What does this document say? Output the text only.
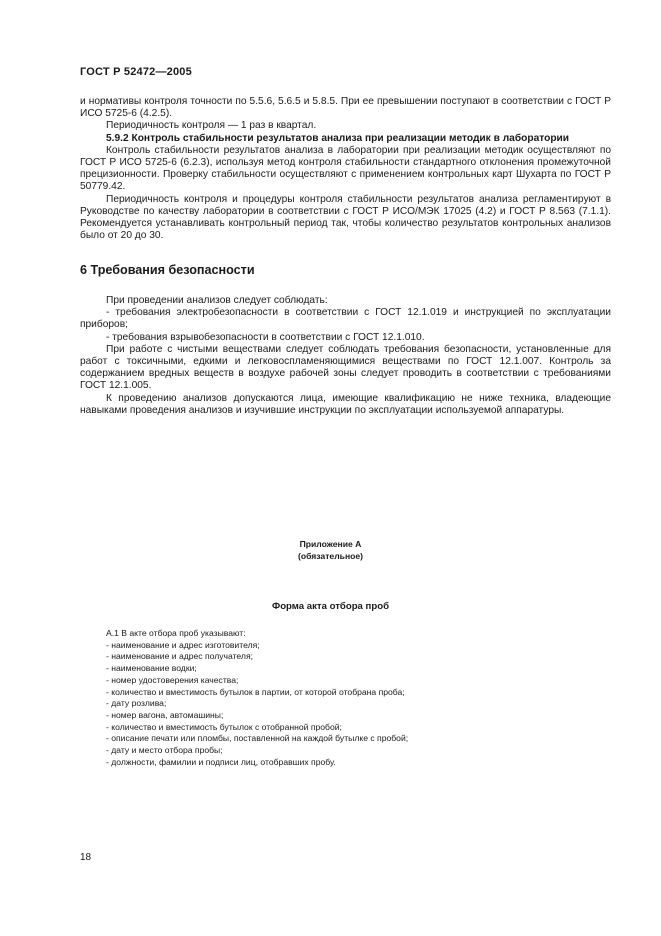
ГОСТ Р 52472—2005

и нормативы контроля точности по 5.5.6, 5.6.5 и 5.8.5. При ее превышении поступают в соответствии с ГОСТ Р ИСО 5725-6 (4.2.5).

Периодичность контроля — 1 раз в квартал.

5.9.2 Контроль стабильности результатов анализа при реализации методик в лаборатории

Контроль стабильности результатов анализа в лаборатории при реализации методик осуществляют по ГОСТ Р ИСО 5725-6 (6.2.3), используя метод контроля стабильности стандартного отклонения промежуточной прецизионности. Проверку стабильности осуществляют с применением контрольных карт Шухарта по ГОСТ Р 50779.42.

Периодичность контроля и процедуры контроля стабильности результатов анализа регламентируют в Руководстве по качеству лаборатории в соответствии с ГОСТ Р ИСО/МЭК 17025 (4.2) и ГОСТ Р 8.563 (7.1.1). Рекомендуется устанавливать контрольный период так, чтобы количество результатов контрольных анализов было от 20 до 30.

6 Требования безопасности

При проведении анализов следует соблюдать:

- требования электробезопасности в соответствии с ГОСТ 12.1.019 и инструкцией по эксплуатации приборов;

- требования взрывобезопасности в соответствии с ГОСТ 12.1.010.

При работе с чистыми веществами следует соблюдать требования безопасности, установленные для работ с токсичными, едкими и легковоспламеняющимися веществами по ГОСТ 12.1.007. Контроль за содержанием вредных веществ в воздухе рабочей зоны следует проводить в соответствии с требованиями ГОСТ 12.1.005.

К проведению анализов допускаются лица, имеющие квалификацию не ниже техника, владеющие навыками проведения анализов и изучившие инструкции по эксплуатации используемой аппаратуры.

Приложение А
(обязательное)
Форма акта отбора проб
А.1 В акте отбора проб указывают:
- наименование и адрес изготовителя;
- наименование и адрес получателя;
- наименование водки;
- номер удостоверения качества;
- количество и вместимость бутылок в партии, от которой отобрана проба;
- дату розлива;
- номер вагона, автомашины;
- количество и вместимость бутылок с отобранной пробой;
- описание печати или пломбы, поставленной на каждой бутылке с пробой;
- дату и место отбора пробы;
- должности, фамилии и подписи лиц, отобравших пробу.
18
